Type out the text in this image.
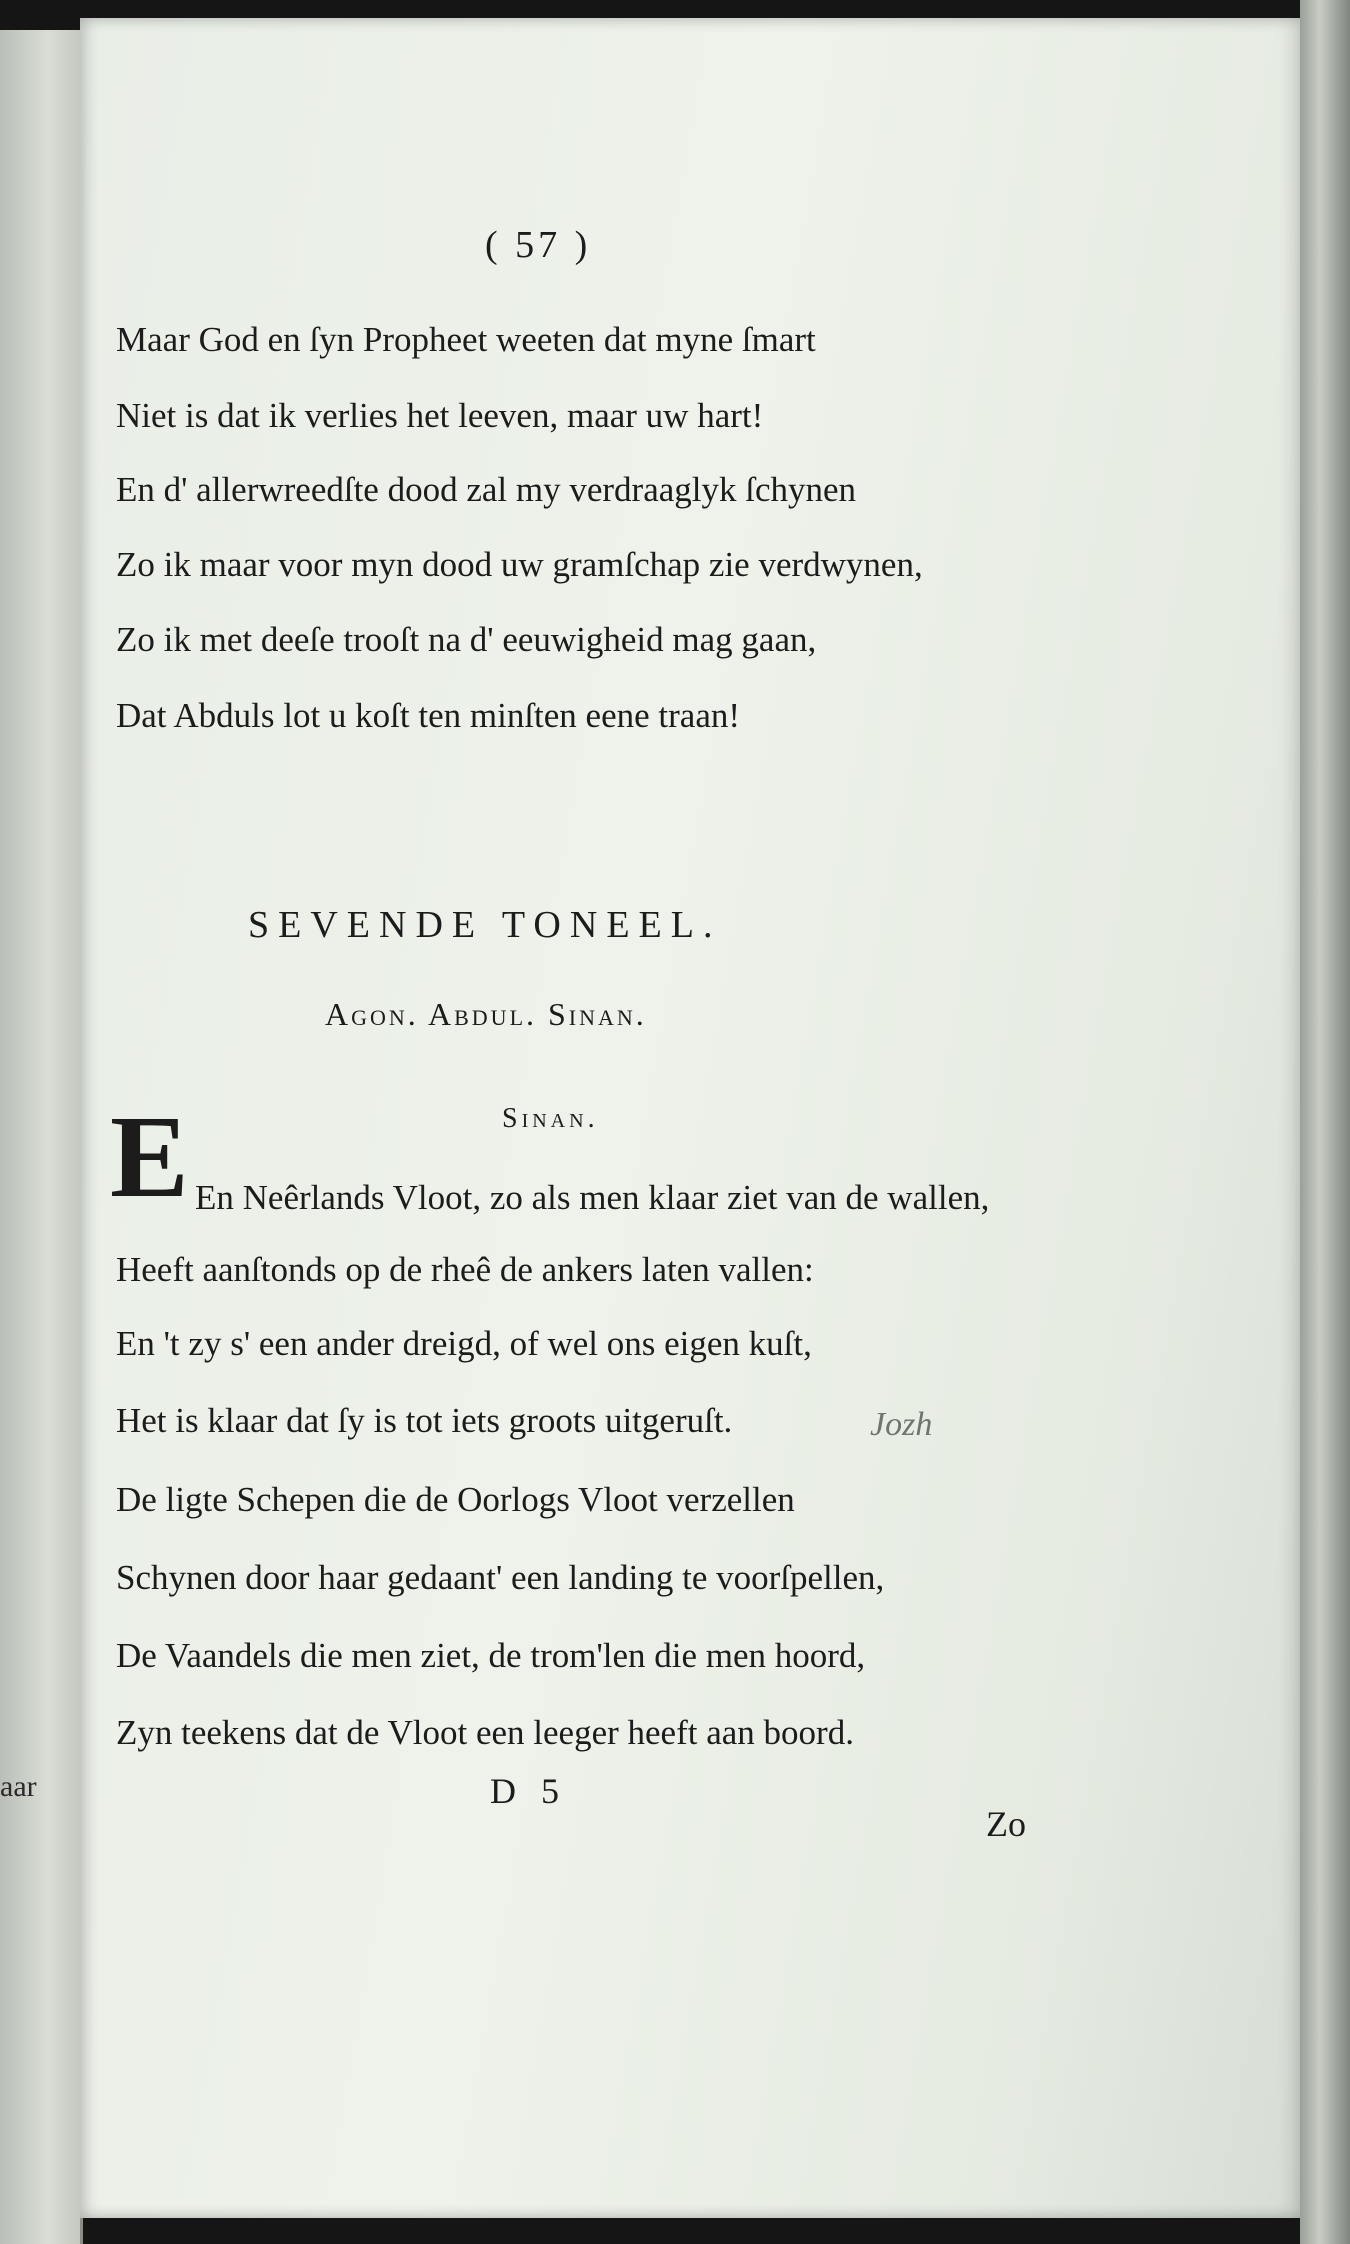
aar
( 57 )
Maar God en ſyn Propheet weeten dat myne ſmart
Niet is dat ik verlies het leeven, maar uw hart!
En d' allerwreedſte dood zal my verdraaglyk ſchynen
Zo ik maar voor myn dood uw gramſchap zie verdwynen,
Zo ik met deeſe trooſt na d' eeuwigheid mag gaan,
Dat Abduls lot u koſt ten minſten eene traan!
SEVENDE TONEEL.
Agon. Abdul. Sinan.
Sinan.
E En Neêrlands Vloot, zo als men klaar ziet van de wallen,
Heeft aanſtonds op de rheê de ankers laten vallen:
En 't zy s' een ander dreigd, of wel ons eigen kuſt,
Het is klaar dat ſy is tot iets groots uitgeruſt.
De ligte Schepen die de Oorlogs Vloot verzellen
Schynen door haar gedaant' een landing te voorſpellen,
De Vaandels die men ziet, de trom'len die men hoord,
Zyn teekens dat de Vloot een leeger heeft aan boord.
Jozh
D 5
Zo
